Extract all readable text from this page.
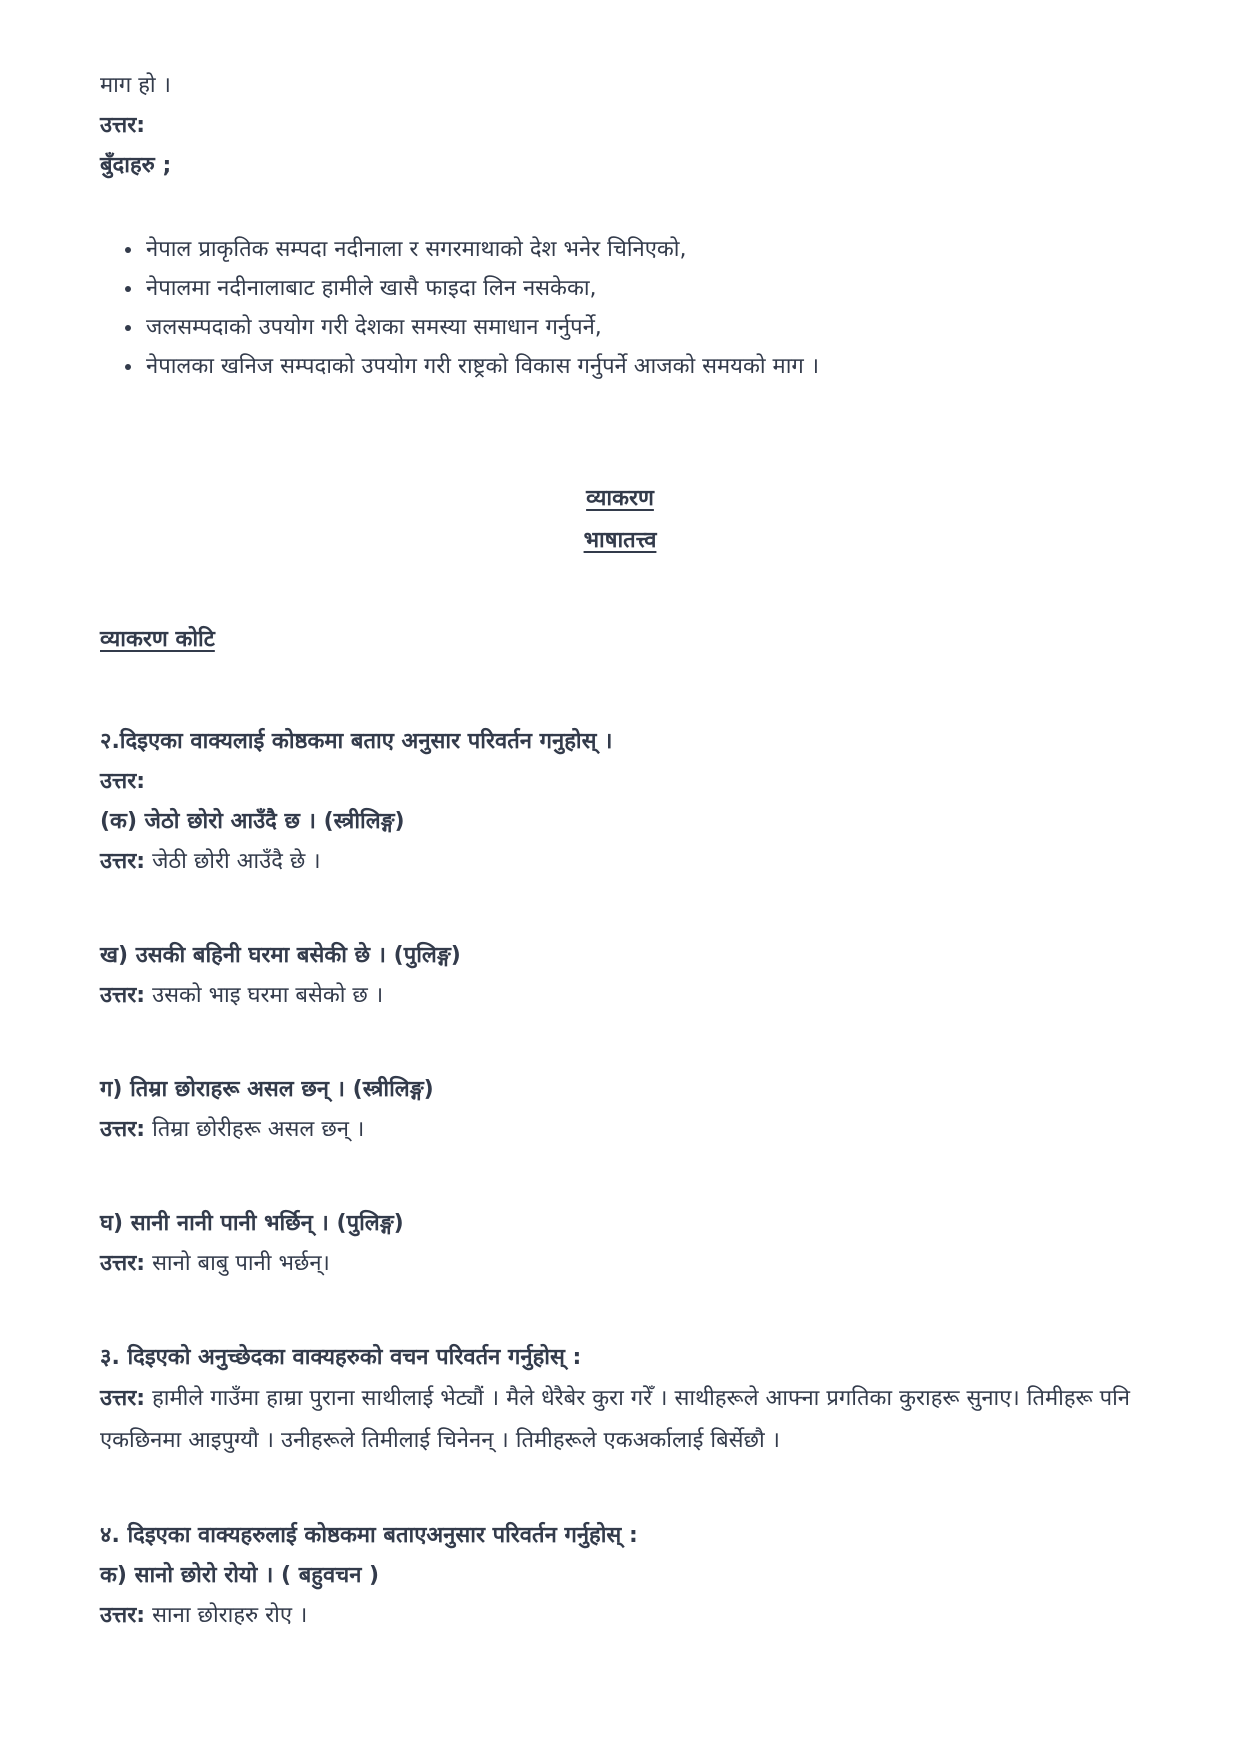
माग हो ।

उत्तर:

बुँदाहरु ;

• नेपाल प्राकृतिक सम्पदा नदीनाला र सगरमाथाको देश भनेर चिनिएको,
• नेपालमा नदीनालाबाट हामीले खासै फाइदा लिन नसकेका,
• जलसम्पदाको उपयोग गरी देशका समस्या समाधान गर्नुपर्ने,
• नेपालका खनिज सम्पदाको उपयोग गरी राष्ट्रको विकास गर्नुपर्ने आजको समयको माग ।

व्याकरण

भाषातत्त्व

व्याकरण कोटि

२.दिइएका वाक्यलाई कोष्ठकमा बताए अनुसार परिवर्तन गनुहोस् ।

उत्तर:

(क) जेठो छोरो आउँदै छ । (स्त्रीलिङ्ग)

उत्तर: जेठी छोरी आउँदै छे ।

ख) उसकी बहिनी घरमा बसेकी छे । (पुलिङ्ग)

उत्तर: उसको भाइ घरमा बसेको छ ।

ग) तिम्रा छोराहरू असल छन् । (स्त्रीलिङ्ग)

उत्तर: तिम्रा छोरीहरू असल छन् ।

घ) सानी नानी पानी भर्छिन् । (पुलिङ्ग)

उत्तर: सानो बाबु पानी भर्छन्।

३. दिइएको अनुच्छेदका वाक्यहरुको वचन परिवर्तन गर्नुहोस् :

उत्तर: हामीले गाउँमा हाम्रा पुराना साथीलाई भेट्यौं । मैले धेरैबेर कुरा गरेँ । साथीहरूले आफ्ना प्रगतिका कुराहरू सुनाए। तिमीहरू पनि एकछिनमा आइपुग्यौ । उनीहरूले तिमीलाई चिनेनन् । तिमीहरूले एकअर्कालाई बिर्सेछौ ।

४. दिइएका वाक्यहरुलाई कोष्ठकमा बताएअनुसार परिवर्तन गर्नुहोस् :

क) सानो छोरो रोयो । ( बहुवचन )

उत्तर: साना छोराहरु रोए ।
